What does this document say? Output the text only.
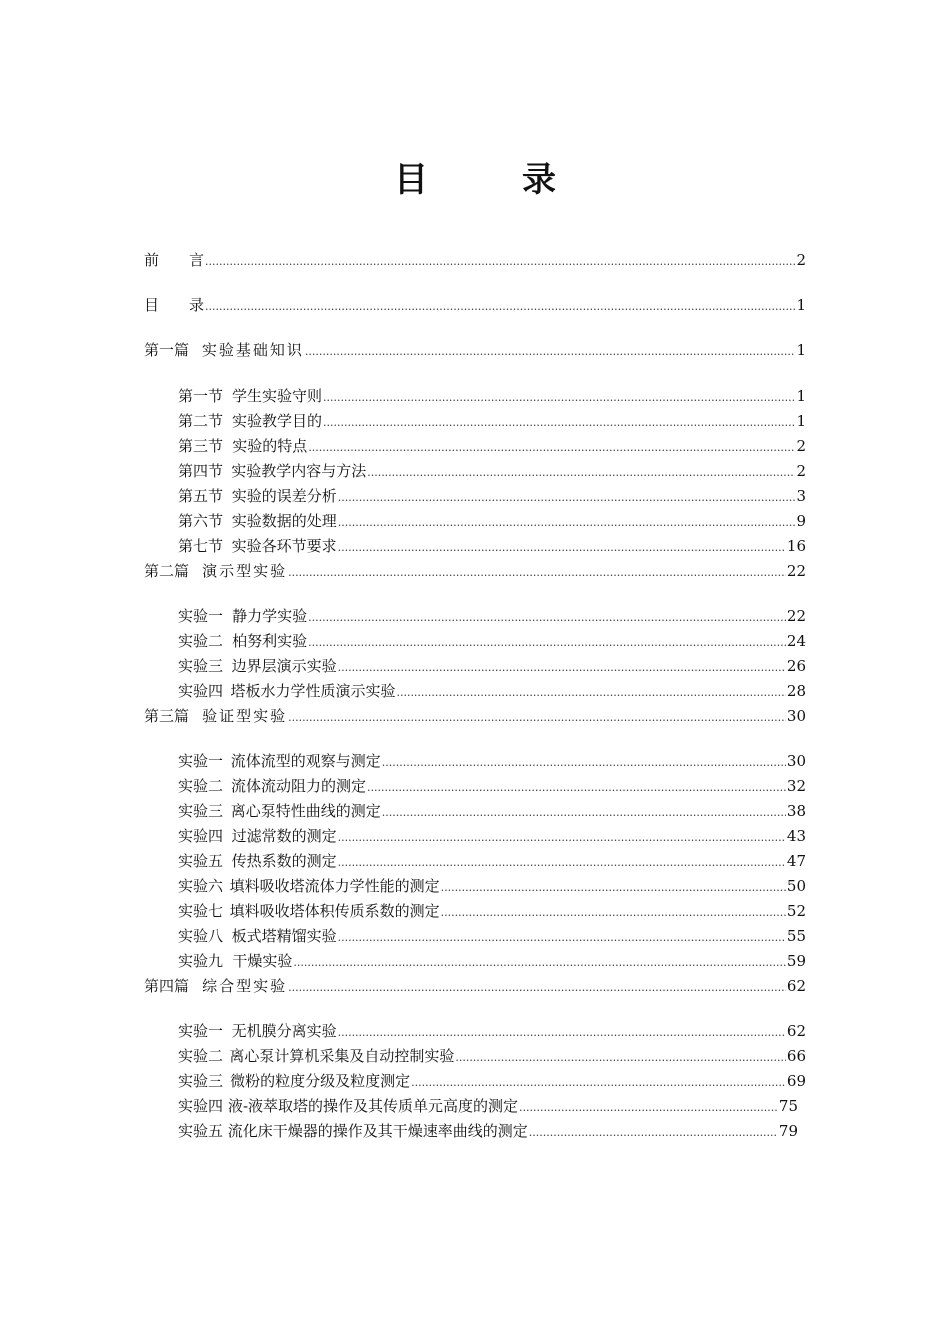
目　录
前　　言 .....	2
目　　录 .....	1
第一篇 实验基础知识 .....	1
第一节 学生实验守则 .....	1
第二节 实验教学目的 .....	1
第三节 实验的特点 .....	2
第四节 实验教学内容与方法 .....	2
第五节 实验的误差分析 .....	3
第六节 实验数据的处理 .....	9
第七节 实验各环节要求 .....	16
第二篇 演示型实验 .....	22
实验一 静力学实验 .....	22
实验二 柏努利实验 .....	24
实验三 边界层演示实验 .....	26
实验四 塔板水力学性质演示实验 .....	28
第三篇 验证型实验 .....	30
实验一 流体流型的观察与测定 .....	30
实验二 流体流动阻力的测定 .....	32
实验三 离心泵特性曲线的测定 .....	38
实验四 过滤常数的测定 .....	43
实验五 传热系数的测定 .....	47
实验六 填料吸收塔流体力学性能的测定 .....	50
实验七 填料吸收塔体积传质系数的测定 .....	52
实验八 板式塔精馏实验 .....	55
实验九 干燥实验 .....	59
第四篇 综合型实验 .....	62
实验一 无机膜分离实验 .....	62
实验二 离心泵计算机采集及自动控制实验 .....	66
实验三 微粉的粒度分级及粒度测定 .....	69
实验四 液-液萃取塔的操作及其传质单元高度的测定 .....	75
实验五 流化床干燥器的操作及其干燥速率曲线的测定 .....	79
